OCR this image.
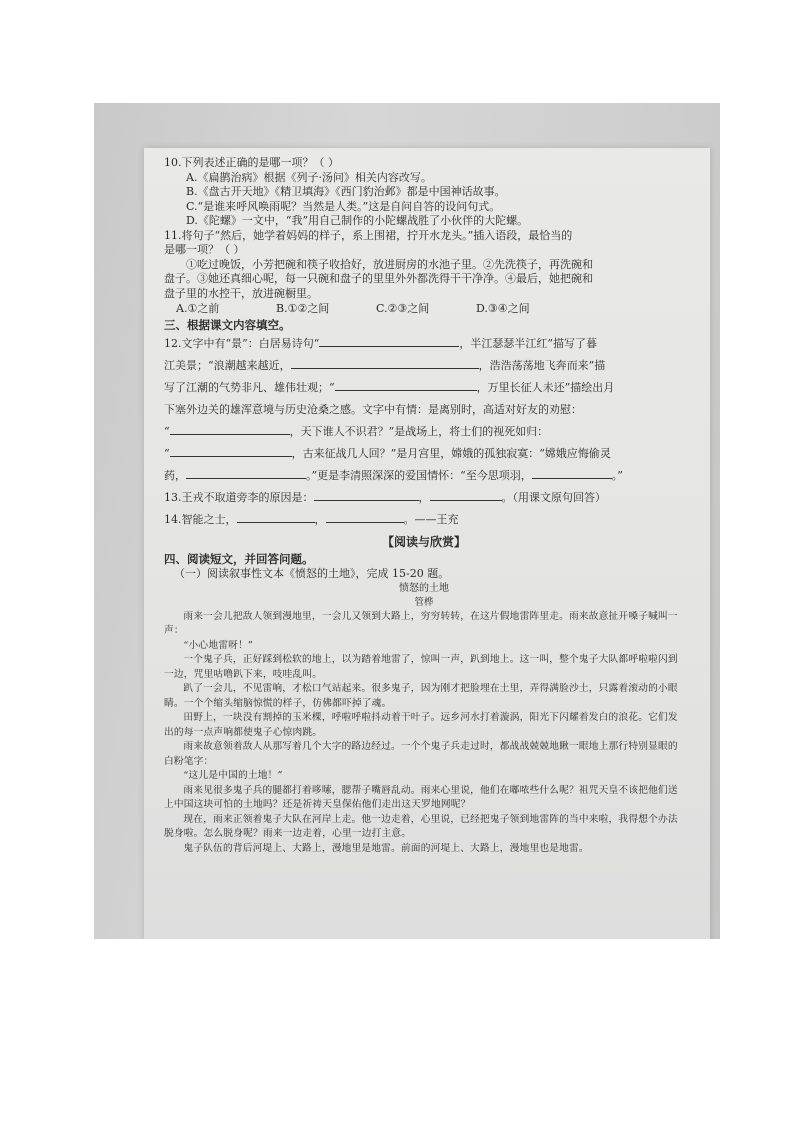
10.下列表述正确的是哪一项？（ ）
A.《扁鹊治病》根据《列子·汤问》相关内容改写。
B.《盘古开天地》《精卫填海》《西门豹治邺》都是中国神话故事。
C.“是谁来呼风唤雨呢？当然是人类。”这是自问自答的设问句式。
D.《陀螺》一文中，“我”用自己制作的小陀螺战胜了小伙伴的大陀螺。
11.将句子“然后，她学着妈妈的样子，系上围裙，拧开水龙头。”插入语段，最恰当的
是哪一项？（ ）
①吃过晚饭，小芳把碗和筷子收拾好，放进厨房的水池子里。②先洗筷子，再洗碗和
盘子。③她还真细心呢，每一只碗和盘子的里里外外都洗得干干净净。④最后，她把碗和
盘子里的水控干，放进碗橱里。
A.①之前	B.①②之间	C.②③之间	D.③④之间
三、根据课文内容填空。
12.文字中有“景”：白居易诗句“	，半江瑟瑟半江红”描写了暮
江美景；“浪潮越来越近，	，浩浩荡荡地飞奔而来”描
写了江潮的气势非凡、雄伟壮观；“	，万里长征人未还”描绘出月
下塞外边关的雄浑意境与历史沧桑之感。文字中有情：是离别时，高适对好友的劝慰：
“	，天下谁人不识君？”是战场上，将士们的视死如归：
“	，古来征战几人回？”是月宫里，嫦娥的孤独寂寞：“嫦娥应悔偷灵
药，	。”更是李清照深深的爱国情怀：“至今思项羽，	。”
13.王戎不取道旁李的原因是：	，	。（用课文原句回答）
14.智能之士，	，	。——王充
【阅读与欣赏】
四、阅读短文，并回答问题。
（一）阅读叙事性文本《愤怒的土地》，完成 15-20 题。
愤怒的土地
管桦
雨来一会儿把敌人领到漫地里，一会儿又领到大路上，穷穷转转，在这片假地雷阵里走。雨来故意扯开嗓子喊叫一声：
“小心地雷呀！”
一个鬼子兵，正好踩到松软的地上，以为踏着地雷了，惊叫一声，趴到地上。这一叫，整个鬼子大队都呼啦啦闪到一边，咒里咕噜趴下来，吱哇乱叫。
趴了一会儿，不见雷响，才松口气站起来。很多鬼子，因为刚才把脸埋在土里，弄得满脸沙土，只露着滚动的小眼睛。一个个缩头缩脑惊慌的样子，仿佛都吓掉了魂。
田野上，一块没有割掉的玉米棵，呼啦呼啦抖动着干叶子。远乡河水打着漩涡，阳光下闪耀着发白的浪花。它们发出的每一点声响都使鬼子心惊肉跳。
雨来故意领着敌人从那写着几个大字的路边经过。一个个鬼子兵走过时，都战战兢兢地瞅一眼地上那行特别显眼的白粉笔字：
“这儿是中国的土地！”
雨来见很多鬼子兵的腿都打着哆嗦，腮帮子嘴唇乱动。雨来心里说，他们在嘟哝些什么呢？祖咒天皇不该把他们送上中国这块可怕的土地吗？还是祈祷天皇保佑他们走出这天罗地网呢？
现在，雨来正领着鬼子大队在河岸上走。他一边走着，心里说，已经把鬼子领到地雷阵的当中来啦，我得想个办法脱身啦。怎么脱身呢？雨来一边走着，心里一边打主意。
鬼子队伍的背后河堤上、大路上，漫地里是地雷。前面的河堤上、大路上，漫地里也是地雷。
